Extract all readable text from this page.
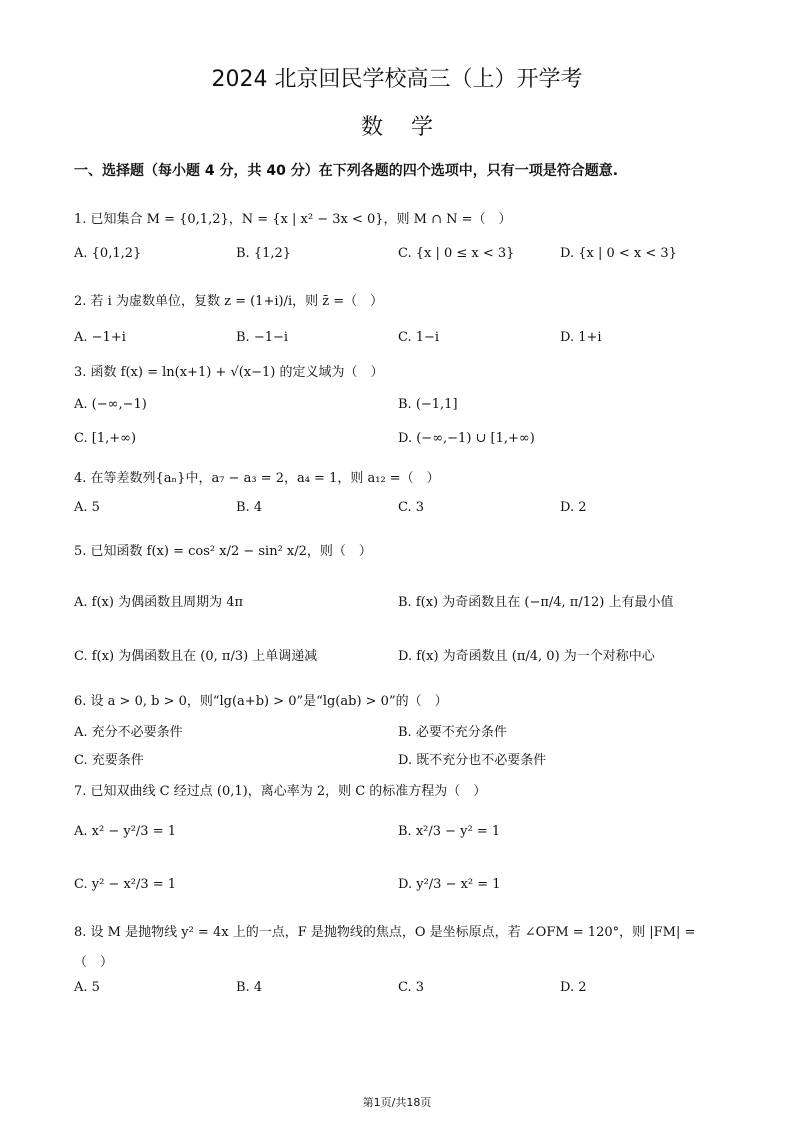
2024 北京回民学校高三（上）开学考
数学
一、选择题（每小题 4 分，共 40 分）在下列各题的四个选项中，只有一项是符合题意.
1. 已知集合 M = {0,1,2}，N = {x | x² − 3x < 0}，则 M ∩ N =（　）
A. {0,1,2}	B. {1,2}	C. {x | 0 ≤ x < 3}	D. {x | 0 < x < 3}
2. 若 i 为虚数单位，复数 z = (1+i)/i，则 z̄ =（　）
A. −1+i	B. −1−i	C. 1−i	D. 1+i
3. 函数 f(x) = ln(x+1) + √(x−1) 的定义域为（　）
A. (−∞,−1)	B. (−1,1]
C. [1,+∞)	D. (−∞,−1) ∪ [1,+∞)
4. 在等差数列{aₙ}中，a₇ − a₃ = 2，a₄ = 1，则 a₁₂ =（　）
A. 5	B. 4	C. 3	D. 2
5. 已知函数 f(x) = cos² x/2 − sin² x/2，则（　）
A. f(x) 为偶函数且周期为 4π	B. f(x) 为奇函数且在 (−π/4, π/12) 上有最小值
C. f(x) 为偶函数且在 (0, π/3) 上单调递减	D. f(x) 为奇函数且 (π/4, 0) 为一个对称中心
6. 设 a > 0, b > 0，则“lg(a+b) > 0”是“lg(ab) > 0”的（　）
A. 充分不必要条件	B. 必要不充分条件
C. 充要条件	D. 既不充分也不必要条件
7. 已知双曲线 C 经过点 (0,1)，离心率为 2，则 C 的标准方程为（　）
A. x² − y²/3 = 1	B. x²/3 − y² = 1
C. y² − x²/3 = 1	D. y²/3 − x² = 1
8. 设 M 是抛物线 y² = 4x 上的一点，F 是抛物线的焦点，O 是坐标原点，若 ∠OFM = 120°，则 |FM| =
（　）
A. 5	B. 4	C. 3	D. 2
第1页/共18页
